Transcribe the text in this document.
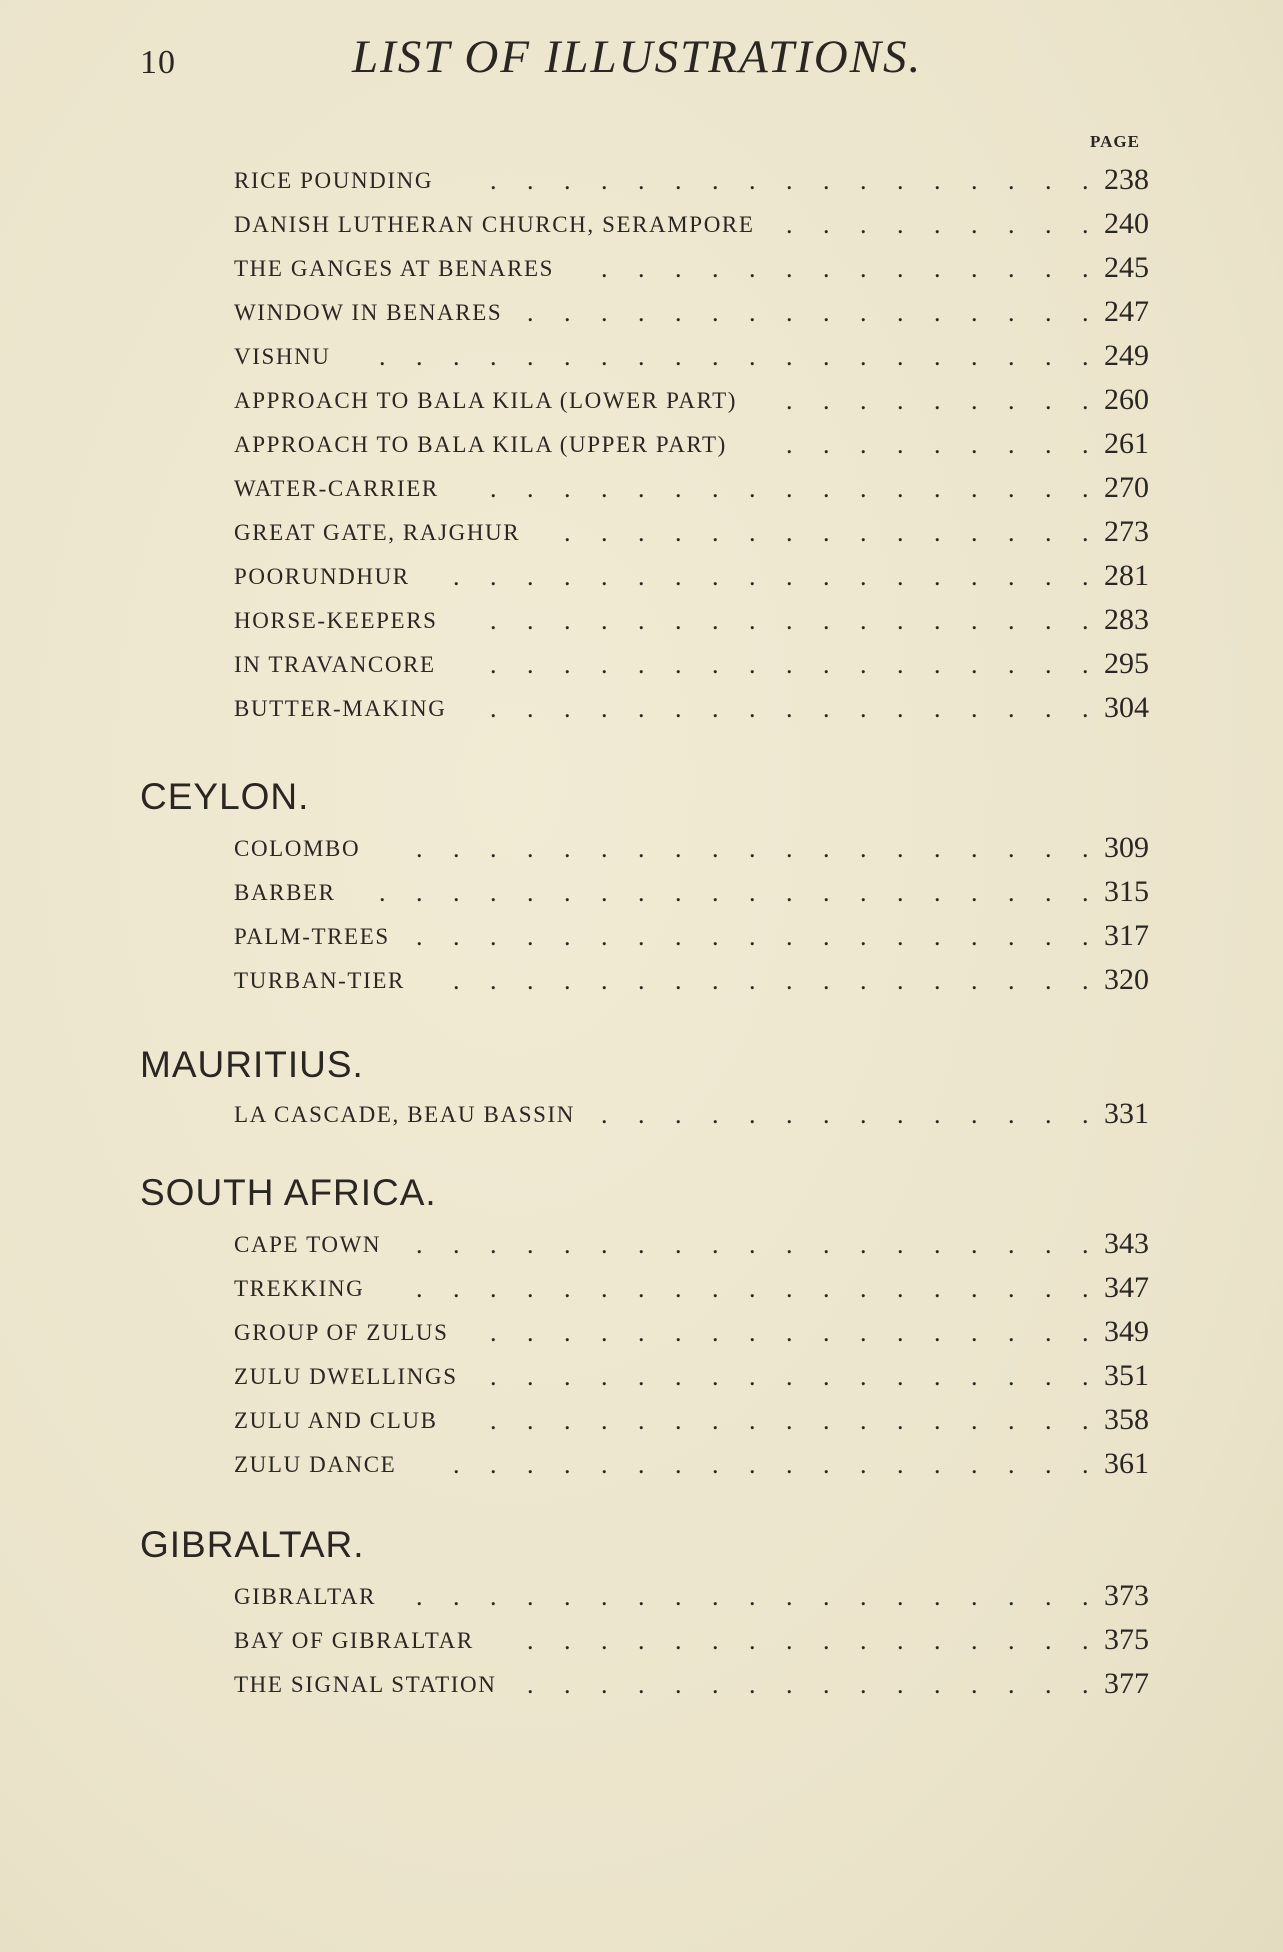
10	LIST OF ILLUSTRATIONS.
PAGE
RICE POUNDING	238
.
.
.
.
.
.
.
.
.
.
.
.
.
.
.
.
.
DANISH LUTHERAN CHURCH, SERAMPORE	240
.
.
.
.
.
.
.
.
.
THE GANGES AT BENARES	245
.
.
.
.
.
.
.
.
.
.
.
.
.
.
WINDOW IN BENARES	247
.
.
.
.
.
.
.
.
.
.
.
.
.
.
.
.
VISHNU	249
.
.
.
.
.
.
.
.
.
.
.
.
.
.
.
.
.
.
.
.
APPROACH TO BALA KILA (LOWER PART)	260
.
.
.
.
.
.
.
.
.
APPROACH TO BALA KILA (UPPER PART)	261
.
.
.
.
.
.
.
.
.
WATER-CARRIER	270
.
.
.
.
.
.
.
.
.
.
.
.
.
.
.
.
.
GREAT GATE, RAJGHUR	273
.
.
.
.
.
.
.
.
.
.
.
.
.
.
.
POORUNDHUR	281
.
.
.
.
.
.
.
.
.
.
.
.
.
.
.
.
.
.
HORSE-KEEPERS	283
.
.
.
.
.
.
.
.
.
.
.
.
.
.
.
.
.
IN TRAVANCORE	295
.
.
.
.
.
.
.
.
.
.
.
.
.
.
.
.
.
BUTTER-MAKING	304
.
.
.
.
.
.
.
.
.
.
.
.
.
.
.
.
.
CEYLON.
COLOMBO	309
.
.
.
.
.
.
.
.
.
.
.
.
.
.
.
.
.
.
.
BARBER	315
.
.
.
.
.
.
.
.
.
.
.
.
.
.
.
.
.
.
.
.
PALM-TREES	317
.
.
.
.
.
.
.
.
.
.
.
.
.
.
.
.
.
.
.
TURBAN-TIER	320
.
.
.
.
.
.
.
.
.
.
.
.
.
.
.
.
.
.
MAURITIUS.
LA CASCADE, BEAU BASSIN	331
.
.
.
.
.
.
.
.
.
.
.
.
.
.
SOUTH AFRICA.
CAPE TOWN	343
.
.
.
.
.
.
.
.
.
.
.
.
.
.
.
.
.
.
.
TREKKING	347
.
.
.
.
.
.
.
.
.
.
.
.
.
.
.
.
.
.
.
GROUP OF ZULUS	349
.
.
.
.
.
.
.
.
.
.
.
.
.
.
.
.
.
ZULU DWELLINGS	351
.
.
.
.
.
.
.
.
.
.
.
.
.
.
.
.
.
ZULU AND CLUB	358
.
.
.
.
.
.
.
.
.
.
.
.
.
.
.
.
.
ZULU DANCE	361
.
.
.
.
.
.
.
.
.
.
.
.
.
.
.
.
.
.
GIBRALTAR.
GIBRALTAR	373
.
.
.
.
.
.
.
.
.
.
.
.
.
.
.
.
.
.
.
BAY OF GIBRALTAR	375
.
.
.
.
.
.
.
.
.
.
.
.
.
.
.
.
THE SIGNAL STATION	377
.
.
.
.
.
.
.
.
.
.
.
.
.
.
.
.
